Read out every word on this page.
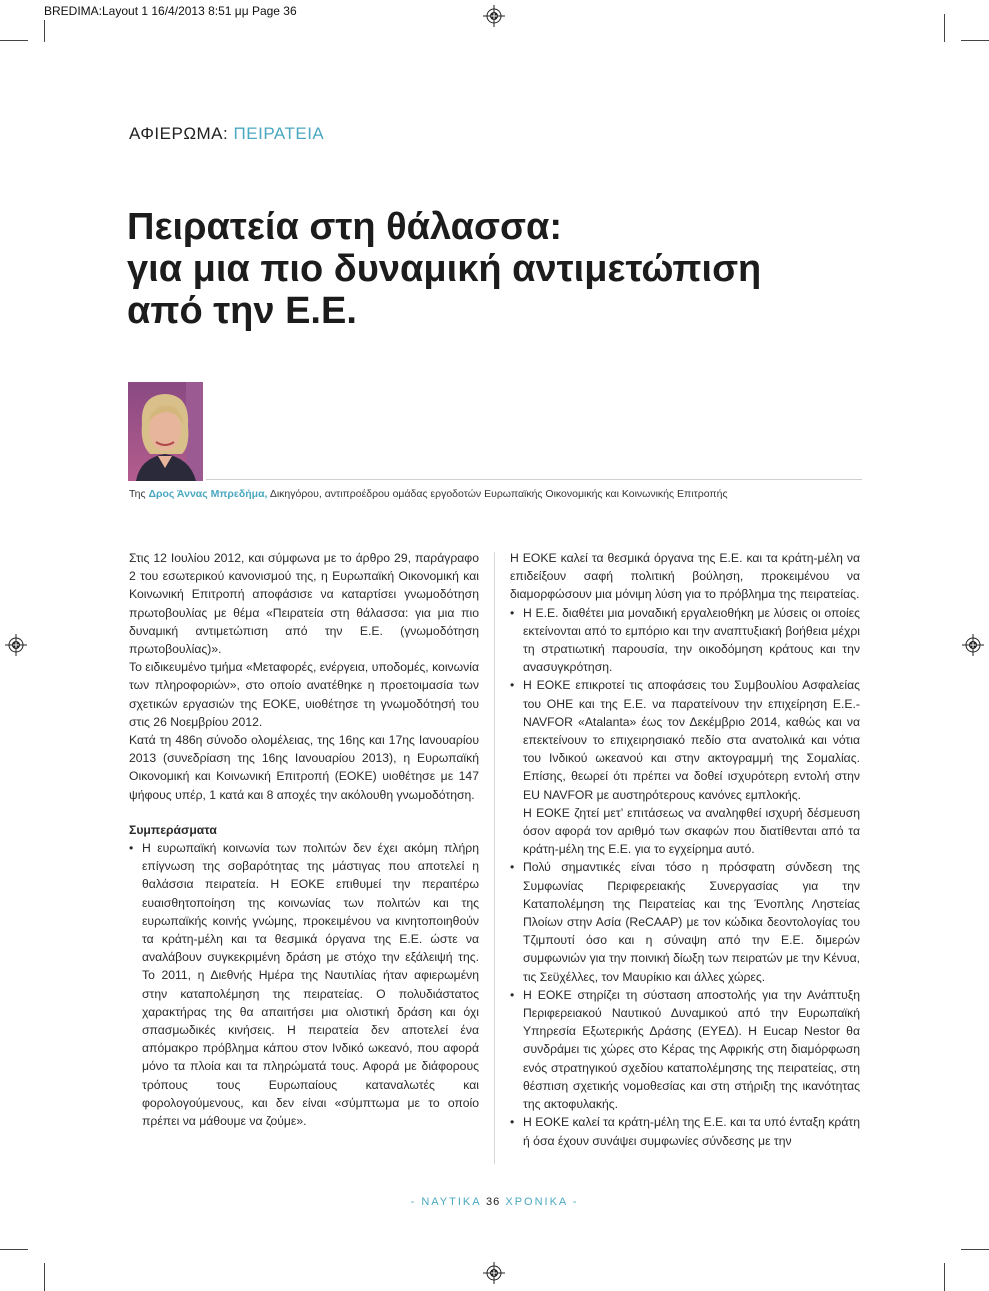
BREDIMA:Layout 1 16/4/2013 8:51 μμ Page 36
ΑΦΙΕΡΩΜΑ: ΠΕΙΡΑΤΕΙΑ
Πειρατεία στη θάλασσα:
για μια πιο δυναμική αντιμετώπιση
από την Ε.Ε.
Της Δρος Άννας Μπρεδήμα, Δικηγόρου, αντιπροέδρου ομάδας εργοδοτών Ευρωπαϊκής Οικονομικής και Κοινωνικής Επιτροπής

Στις 12 Ιουλίου 2012, και σύμφωνα με το άρθρο 29, παράγραφο 2 του εσωτερικού κανονισμού της, η Ευρωπαϊκή Οικονομική και Κοινωνική Επιτροπή αποφάσισε να καταρτίσει γνωμοδότηση πρωτοβουλίας με θέμα «Πειρατεία στη θάλασσα: για μια πιο δυναμική αντιμετώπιση από την Ε.Ε. (γνωμοδότηση πρωτοβουλίας)».

Το ειδικευμένο τμήμα «Μεταφορές, ενέργεια, υποδομές, κοινωνία των πληροφοριών», στο οποίο ανατέθηκε η προετοιμασία των σχετικών εργασιών της ΕΟΚΕ, υιοθέτησε τη γνωμοδότησή του στις 26 Νοεμβρίου 2012.

Κατά τη 486η σύνοδο ολομέλειας, της 16ης και 17ης Ιανουαρίου 2013 (συνεδρίαση της 16ης Ιανουαρίου 2013), η Ευρωπαϊκή Οικονομική και Κοινωνική Επιτροπή (ΕΟΚΕ) υιοθέτησε με 147 ψήφους υπέρ, 1 κατά και 8 αποχές την ακόλουθη γνωμοδότηση.

Συμπεράσματα
• Η ευρωπαϊκή κοινωνία των πολιτών δεν έχει ακόμη πλήρη επίγνωση της σοβαρότητας της μάστιγας που αποτελεί η θαλάσσια πειρατεία. Η ΕΟΚΕ επιθυμεί την περαιτέρω ευαισθητοποίηση της κοινωνίας των πολιτών και της ευρωπαϊκής κοινής γνώμης, προκειμένου να κινητοποιηθούν τα κράτη-μέλη και τα θεσμικά όργανα της Ε.Ε. ώστε να αναλάβουν συγκεκριμένη δράση με στόχο την εξάλειψή της. Το 2011, η Διεθνής Ημέρα της Ναυτιλίας ήταν αφιερωμένη στην καταπολέμηση της πειρατείας. Ο πολυδιάστατος χαρακτήρας της θα απαιτήσει μια ολιστική δράση και όχι σπασμωδικές κινήσεις. Η πειρατεία δεν αποτελεί ένα απόμακρο πρόβλημα κάπου στον Ινδικό ωκεανό, που αφορά μόνο τα πλοία και τα πληρώματά τους. Αφορά με διάφορους τρόπους τους Ευρωπαίους καταναλωτές και φορολογούμενους, και δεν είναι «σύμπτωμα με το οποίο πρέπει να μάθουμε να ζούμε».

Η ΕΟΚΕ καλεί τα θεσμικά όργανα της Ε.Ε. και τα κράτη-μέλη να επιδείξουν σαφή πολιτική βούληση, προκειμένου να διαμορφώσουν μια μόνιμη λύση για το πρόβλημα της πειρατείας.

• Η Ε.Ε. διαθέτει μια μοναδική εργαλειοθήκη με λύσεις οι οποίες εκτείνονται από το εμπόριο και την αναπτυξιακή βοήθεια μέχρι τη στρατιωτική παρουσία, την οικοδόμηση κράτους και την ανασυγκρότηση.
• Η ΕΟΚΕ επικροτεί τις αποφάσεις του Συμβουλίου Ασφαλείας του ΟΗΕ και της Ε.Ε. να παρατείνουν την επιχείρηση Ε.Ε.-NAVFOR «Atalanta» έως τον Δεκέμβριο 2014, καθώς και να επεκτείνουν το επιχειρησιακό πεδίο στα ανατολικά και νότια του Ινδικού ωκεανού και στην ακτογραμμή της Σομαλίας. Επίσης, θεωρεί ότι πρέπει να δοθεί ισχυρότερη εντολή στην EU NAVFOR με αυστηρότερους κανόνες εμπλοκής.

Η ΕΟΚΕ ζητεί μετ’ επιτάσεως να αναληφθεί ισχυρή δέσμευση όσον αφορά τον αριθμό των σκαφών που διατίθενται από τα κράτη-μέλη της Ε.Ε. για το εγχείρημα αυτό.

• Πολύ σημαντικές είναι τόσο η πρόσφατη σύνδεση της Συμφωνίας Περιφερειακής Συνεργασίας για την Καταπολέμηση της Πειρατείας και της Ένοπλης Ληστείας Πλοίων στην Ασία (ReCAAP) με τον κώδικα δεοντολογίας του Τζιμπουτί όσο και η σύναψη από την Ε.Ε. διμερών συμφωνιών για την ποινική δίωξη των πειρατών με την Κένυα, τις Σεϋχέλλες, τον Μαυρίκιο και άλλες χώρες.
• Η ΕΟΚΕ στηρίζει τη σύσταση αποστολής για την Ανάπτυξη Περιφερειακού Ναυτικού Δυναμικού από την Ευρωπαϊκή Υπηρεσία Εξωτερικής Δράσης (ΕΥΕΔ). Η Eucap Nestor θα συνδράμει τις χώρες στο Κέρας της Αφρικής στη διαμόρφωση ενός στρατηγικού σχεδίου καταπολέμησης της πειρατείας, στη θέσπιση σχετικής νομοθεσίας και στη στήριξη της ικανότητας της ακτοφυλακής.
• Η ΕΟΚΕ καλεί τα κράτη-μέλη της Ε.Ε. και τα υπό ένταξη κράτη ή όσα έχουν συνάψει συμφωνίες σύνδεσης με την
- ΝΑΥΤΙΚΑ 36 ΧΡΟΝΙΚΑ -
